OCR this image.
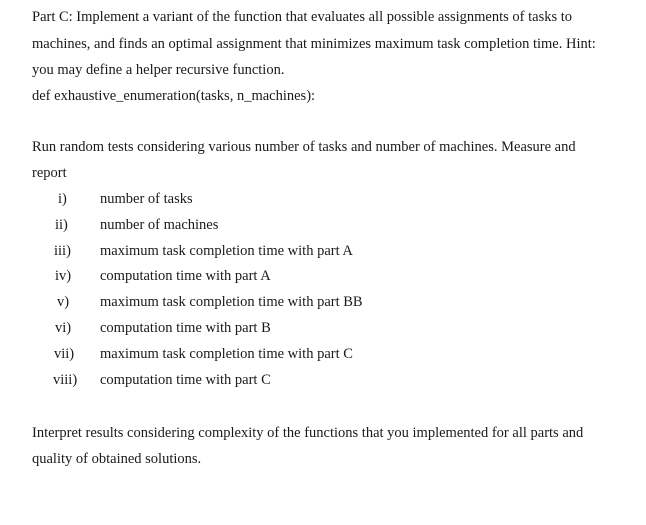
Part C: Implement a variant of the function that evaluates all possible assignments of tasks to
machines, and finds an optimal assignment that minimizes maximum task completion time. Hint:
you may define a helper recursive function.
def exhaustive_enumeration(tasks, n_machines):
Run random tests considering various number of tasks and number of machines. Measure and
report
i) number of tasks
ii) number of machines
iii) maximum task completion time with part A
iv) computation time with part A
v) maximum task completion time with part BB
vi) computation time with part B
vii) maximum task completion time with part C
viii) computation time with part C
Interpret results considering complexity of the functions that you implemented for all parts and
quality of obtained solutions.
